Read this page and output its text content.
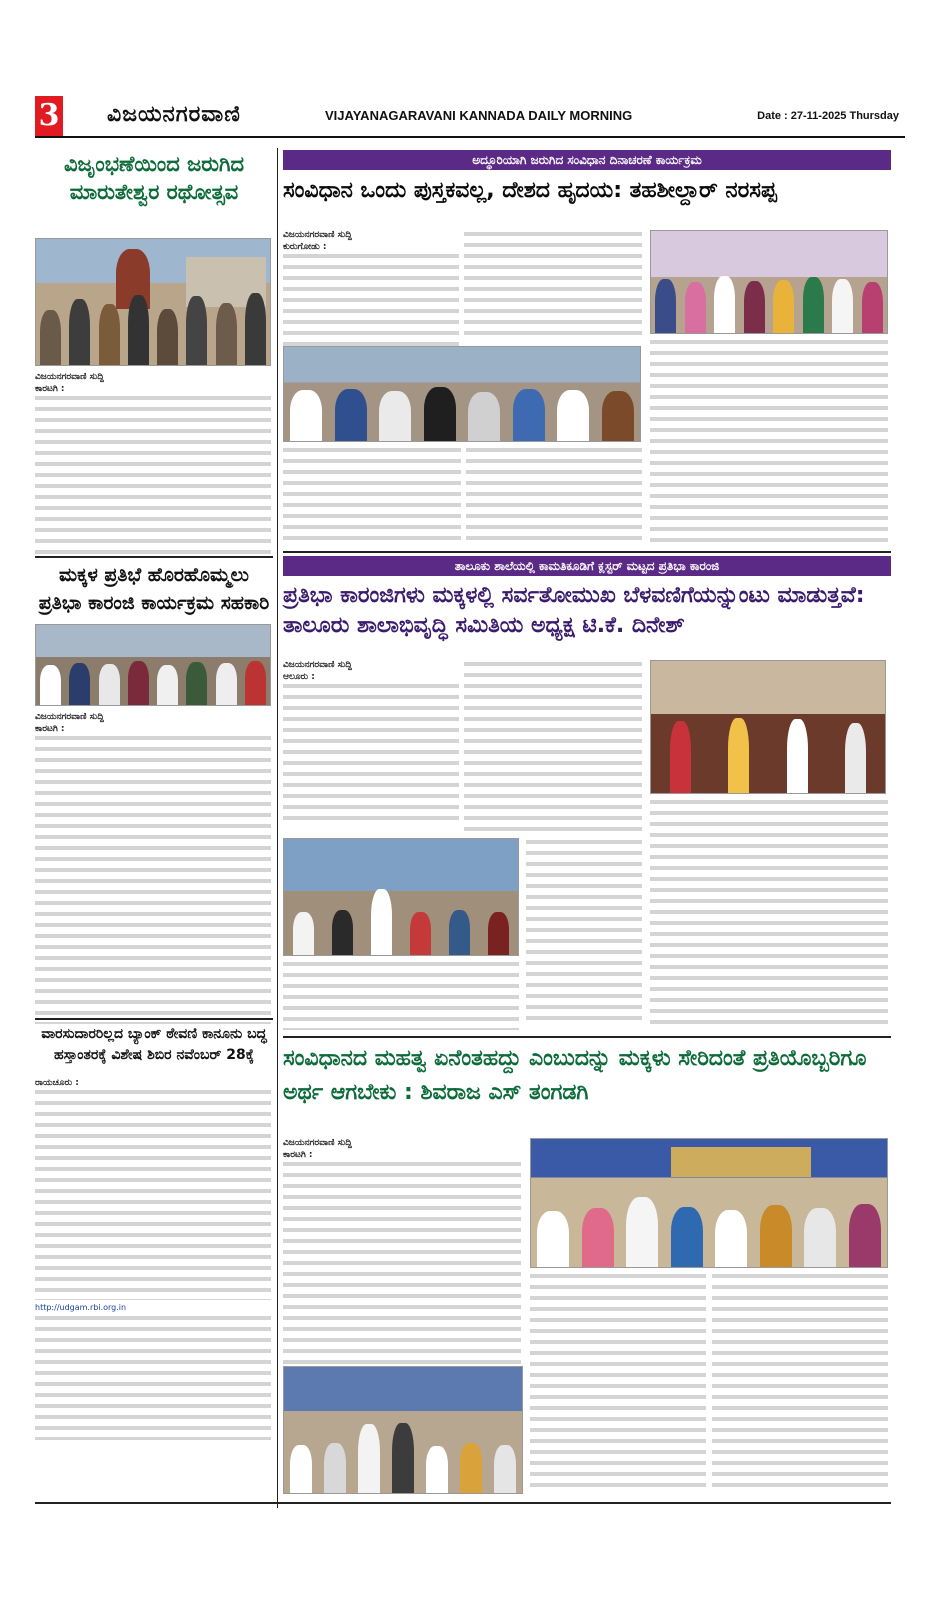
3 ವಿಜಯನಗರವಾಣಿ	VIJAYANAGARAVANI KANNADA DAILY MORNING	Date : 27-11-2025 Thursday
ವಿಜೃಂಭಣೆಯಿಂದ ಜರುಗಿದ ಮಾರುತೇಶ್ವರ ರಥೋತ್ಸವ
ವಿಜಯನಗರವಾಣಿ ಸುದ್ದಿ
ಕಾರಟಗಿ :
ಮಕ್ಕಳ ಪ್ರತಿಭೆ ಹೊರಹೊಮ್ಮಲು ಪ್ರತಿಭಾ ಕಾರಂಜಿ ಕಾರ್ಯಕ್ರಮ ಸಹಕಾರಿ
ವಿಜಯನಗರವಾಣಿ ಸುದ್ದಿ
ಕಾರಟಗಿ :
ವಾರಸುದಾರರಿಲ್ಲದ ಬ್ಯಾಂಕ್ ಠೇವಣಿ ಕಾನೂನು ಬದ್ಧ ಹಸ್ತಾಂತರಕ್ಕೆ ವಿಶೇಷ ಶಿಬಿರ ನವೆಂಬರ್ 28ಕ್ಕೆ
ರಾಯಚೂರು :
http://udgam.rbi.org.in
ಅದ್ಧೂರಿಯಾಗಿ ಜರುಗಿದ ಸಂವಿಧಾನ ದಿನಾಚರಣೆ ಕಾರ್ಯಕ್ರಮ
ಸಂವಿಧಾನ ಒಂದು ಪುಸ್ತಕವಲ್ಲ, ದೇಶದ ಹೃದಯ: ತಹಶೀಲ್ದಾರ್ ನರಸಪ್ಪ
ವಿಜಯನಗರವಾಣಿ ಸುದ್ದಿ
ಕುರುಗೋಡು :
ತಾಲೂಕು ಶಾಲೆಯಲ್ಲಿ ಕಾಮತಿಕೂಡಿಗೆ ಕ್ಲಸ್ಟರ್ ಮಟ್ಟದ ಪ್ರತಿಭಾ ಕಾರಂಜಿ
ಪ್ರತಿಭಾ ಕಾರಂಜಿಗಳು ಮಕ್ಕಳಲ್ಲಿ ಸರ್ವತೋಮುಖ ಬೆಳವಣಿಗೆಯನ್ನುಂಟು ಮಾಡುತ್ತವೆ: ತಾಲೂರು ಶಾಲಾಭಿವೃದ್ಧಿ ಸಮಿತಿಯ ಅಧ್ಯಕ್ಷ ಟಿ.ಕೆ. ದಿನೇಶ್
ವಿಜಯನಗರವಾಣಿ ಸುದ್ದಿ
ಆಲೂರು :
ಸಂವಿಧಾನದ ಮಹತ್ವ ಏನೆಂತಹದ್ದು ಎಂಬುದನ್ನು ಮಕ್ಕಳು ಸೇರಿದಂತೆ ಪ್ರತಿಯೊಬ್ಬರಿಗೂ ಅರ್ಥ ಆಗಬೇಕು : ಶಿವರಾಜ ಎಸ್ ತಂಗಡಗಿ
ವಿಜಯನಗರವಾಣಿ ಸುದ್ದಿ
ಕಾರಟಗಿ :
